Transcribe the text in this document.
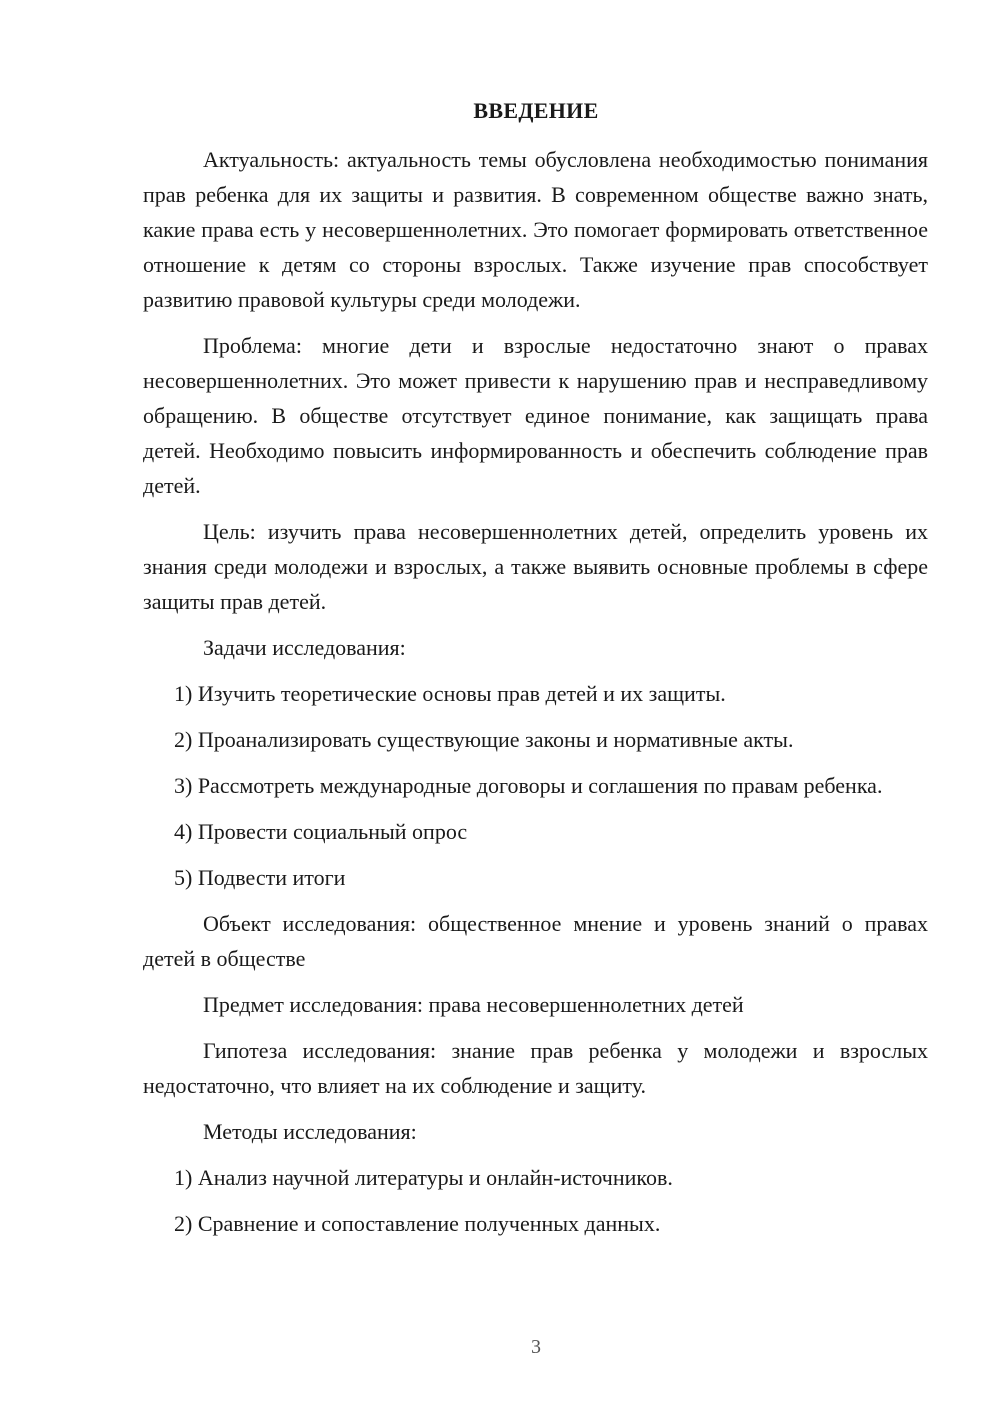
ВВЕДЕНИЕ

Актуальность: актуальность темы обусловлена необходимостью понимания прав ребенка для их защиты и развития. В современном обществе важно знать, какие права есть у несовершеннолетних. Это помогает формировать ответственное отношение к детям со стороны взрослых. Также изучение прав способствует развитию правовой культуры среди молодежи.

Проблема: многие дети и взрослые недостаточно знают о правах несовершеннолетних. Это может привести к нарушению прав и несправедливому обращению. В обществе отсутствует единое понимание, как защищать права детей. Необходимо повысить информированность и обеспечить соблюдение прав детей.

Цель: изучить права несовершеннолетних детей, определить уровень их знания среди молодежи и взрослых, а также выявить основные проблемы в сфере защиты прав детей.

Задачи исследования:

1) Изучить теоретические основы прав детей и их защиты.

2) Проанализировать существующие законы и нормативные акты.

3) Рассмотреть международные договоры и соглашения по правам ребенка.

4) Провести социальный опрос

5) Подвести итоги

Объект исследования: общественное мнение и уровень знаний о правах детей в обществе

Предмет исследования: права несовершеннолетних детей

Гипотеза исследования: знание прав ребенка у молодежи и взрослых недостаточно, что влияет на их соблюдение и защиту.

Методы исследования:

1) Анализ научной литературы и онлайн-источников.

2) Сравнение и сопоставление полученных данных.

3
